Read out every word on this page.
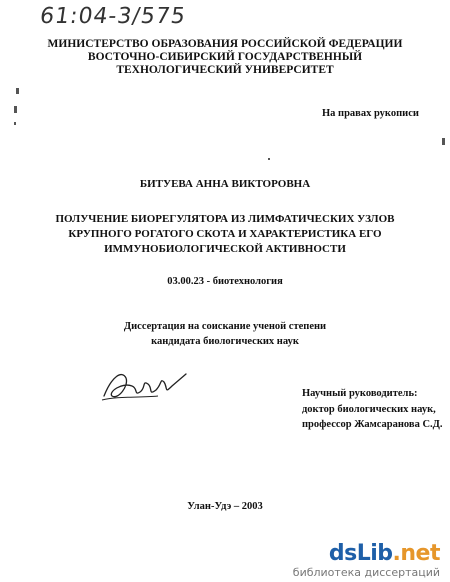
61:04-3/575
МИНИСТЕРСТВО ОБРАЗОВАНИЯ РОССИЙСКОЙ ФЕДЕРАЦИИ
ВОСТОЧНО-СИБИРСКИЙ ГОСУДАРСТВЕННЫЙ
ТЕХНОЛОГИЧЕСКИЙ УНИВЕРСИТЕТ
На правах рукописи
БИТУЕВА АННА ВИКТОРОВНА
ПОЛУЧЕНИЕ БИОРЕГУЛЯТОРА ИЗ ЛИМФАТИЧЕСКИХ УЗЛОВ
КРУПНОГО РОГАТОГО СКОТА И ХАРАКТЕРИСТИКА ЕГО
ИММУНОБИОЛОГИЧЕСКОЙ АКТИВНОСТИ
03.00.23 - биотехнология
Диссертация на соискание ученой степени
кандидата биологических наук
Научный руководитель:
доктор биологических наук,
профессор Жамсаранова С.Д.
Улан-Удэ – 2003
dsLib.net
библиотека диссертаций
